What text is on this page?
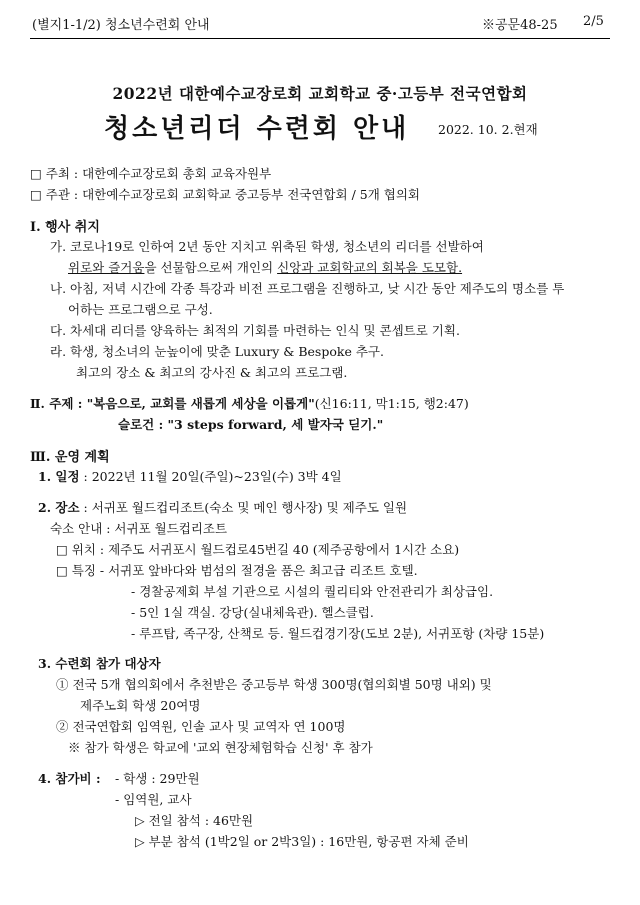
(별지1-1/2) 청소년수련회 안내	※공문48-25 2/5
2022년 대한예수교장로회 교회학교 중·고등부 전국연합회
청소년리더 수련회 안내 2022. 10. 2.현재
□ 주최 : 대한예수교장로회 총회 교육자원부
□ 주관 : 대한예수교장로회 교회학교 중고등부 전국연합회 / 5개 협의회
Ⅰ. 행사 취지
가. 코로나19로 인하여 2년 동안 지치고 위축된 학생, 청소년의 리더를 선발하여
위로와 즐거움을 선물함으로써 개인의 신앙과 교회학교의 회복을 도모함.
나. 아침, 저녁 시간에 각종 특강과 비전 프로그램을 진행하고, 낮 시간 동안 제주도의 명소를 투
어하는 프로그램으로 구성.
다. 차세대 리더를 양육하는 최적의 기회를 마련하는 인식 및 콘셉트로 기획.
라. 학생, 청소녀의 눈높이에 맞춘 Luxury & Bespoke 추구.
최고의 장소 & 최고의 강사진 & 최고의 프로그램.
Ⅱ. 주제 : "복음으로, 교회를 새롭게 세상을 이롭게"(신16:11, 막1:15, 행2:47)
슬로건 : "3 steps forward, 세 발자국 딛기."
Ⅲ. 운영 계획
1. 일정 : 2022년 11월 20일(주일)~23일(수) 3박 4일
2. 장소 : 서귀포 월드컵리조트(숙소 및 메인 행사장) 및 제주도 일원
숙소 안내 : 서귀포 월드컵리조트
□ 위치 : 제주도 서귀포시 월드컵로45번길 40 (제주공항에서 1시간 소요)
□ 특징 - 서귀포 앞바다와 범섬의 절경을 품은 최고급 리조트 호텔.
- 경찰공제회 부설 기관으로 시설의 퀄리티와 안전관리가 최상급임.
- 5인 1실 객실. 강당(실내체육관). 헬스클럽.
- 루프탑, 족구장, 산책로 등. 월드컵경기장(도보 2분), 서귀포항 (차량 15분)
3. 수련회 참가 대상자
① 전국 5개 협의회에서 추천받은 중고등부 학생 300명(협의회별 50명 내외) 및
제주노회 학생 20여명
② 전국연합회 임역원, 인솔 교사 및 교역자 연 100명
※ 참가 학생은 학교에 '교외 현장체험학습 신청' 후 참가
4. 참가비 : - 학생 : 29만원
- 임역원, 교사
▷ 전일 참석 : 46만원
▷ 부분 참석 (1박2일 or 2박3일) : 16만원, 항공편 자체 준비
